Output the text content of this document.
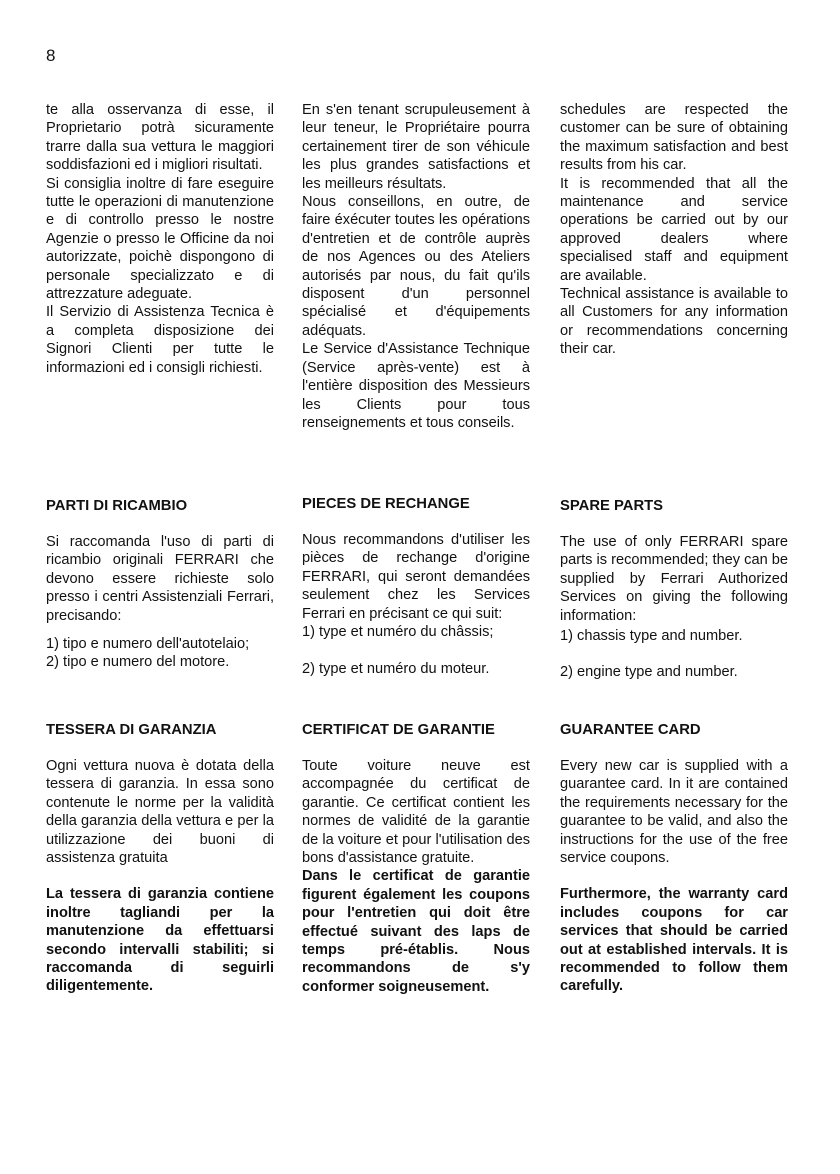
8

te alla osservanza di esse, il Proprietario potrà sicuramente trarre dalla sua vettura le maggiori soddisfazioni ed i migliori risultati.

Si consiglia inoltre di fare eseguire tutte le operazioni di manutenzione e di controllo presso le nostre Agenzie o presso le Officine da noi autorizzate, poichè dispongono di personale specializzato e di attrezzature adeguate.

Il Servizio di Assistenza Tecnica è a completa disposizione dei Signori Clienti per tutte le informazioni ed i consigli richiesti.

En s'en tenant scrupuleusement à leur teneur, le Propriétaire pourra certainement tirer de son véhicule les plus grandes satisfactions et les meilleurs résultats.

Nous conseillons, en outre, de faire éxécuter toutes les opérations d'entretien et de contrôle auprès de nos Agences ou des Ateliers autorisés par nous, du fait qu'ils disposent d'un personnel spécialisé et d'équipements adéquats.

Le Service d'Assistance Technique (Service après-vente) est à l'entière disposition des Messieurs les Clients pour tous renseignements et tous conseils.

schedules are respected the customer can be sure of obtaining the maximum satisfaction and best results from his car.

It is recommended that all the maintenance and service operations be carried out by our approved dealers where specialised staff and equipment are available.

Technical assistance is available to all Customers for any information or recommendations concerning their car.

PARTI DI RICAMBIO	PIECES DE RECHANGE	SPARE PARTS

Si raccomanda l'uso di parti di ricambio originali FERRARI che devono essere richieste solo presso i centri Assistenziali Ferrari, precisando:

1) tipo e numero dell'autotelaio;

2) tipo e numero del motore.

Nous recommandons d'utiliser les pièces de rechange d'origine FERRARI, qui seront demandées seulement chez les Services Ferrari en précisant ce qui suit:

1) type et numéro du châssis;

2) type et numéro du moteur.

The use of only FERRARI spare parts is recommended; they can be supplied by Ferrari Authorized Services on giving the following information:

1) chassis type and number.

2) engine type and number.

TESSERA DI GARANZIA	CERTIFICAT DE GARANTIE	GUARANTEE CARD

Ogni vettura nuova è dotata della tessera di garanzia. In essa sono contenute le norme per la validità della garanzia della vettura e per la utilizzazione dei buoni di assistenza gratuita

La tessera di garanzia contiene inoltre tagliandi per la manutenzione da effettuarsi secondo intervalli stabiliti; si raccomanda di seguirli diligentemente.

Toute voiture neuve est accompagnée du certificat de garantie. Ce certificat contient les normes de validité de la garantie de la voiture et pour l'utilisation des bons d'assistance gratuite.

Dans le certificat de garantie figurent également les coupons pour l'entretien qui doit être effectué suivant des laps de temps pré-établis. Nous recommandons de s'y conformer soigneusement.

Every new car is supplied with a guarantee card. In it are contained the requirements necessary for the guarantee to be valid, and also the instructions for the use of the free service coupons.

Furthermore, the warranty card includes coupons for car services that should be carried out at established intervals. It is recommended to follow them carefully.
